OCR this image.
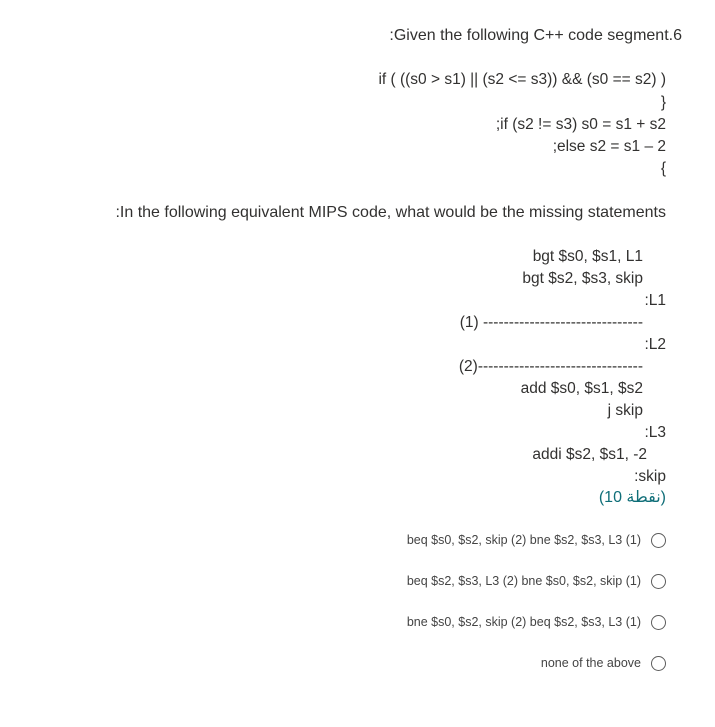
:Given the following C++ code segment.6
if ( ((s0 > s1) || (s2 <= s3)) && (s0 == s2) )
}
;if (s2 != s3) s0 = s1 + s2
;else s2 = s1 – 2
{
:In the following equivalent MIPS code, what would be the missing statements
bgt $s0, $s1, L1
bgt $s2, $s3, skip
:L1
(1) -------------------------------
:L2
(2)--------------------------------
add $s0, $s1, $s2
j skip
:L3
addi $s2, $s1, -2
:skip
(10 نقطة)
beq $s0, $s2, skip (2) bne $s2, $s3, L3 (1)
beq $s2, $s3, L3 (2) bne $s0, $s2, skip (1)
bne $s0, $s2, skip (2) beq $s2, $s3, L3 (1)
none of the above
